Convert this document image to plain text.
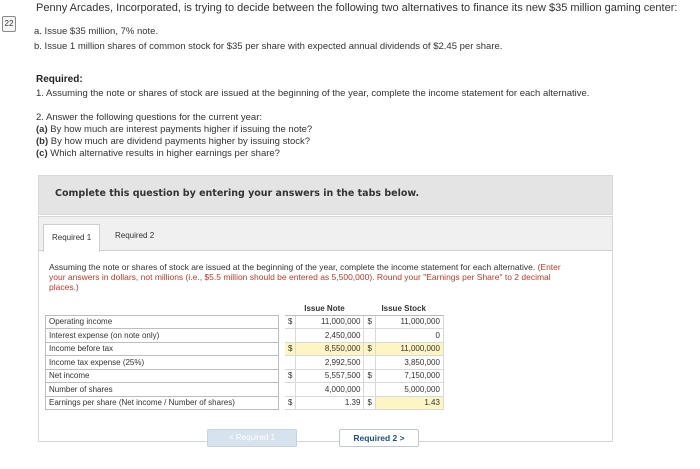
22
Penny Arcades, Incorporated, is trying to decide between the following two alternatives to finance its new $35 million gaming center:
a. Issue $35 million, 7% note.
b. Issue 1 million shares of common stock for $35 per share with expected annual dividends of $2.45 per share.
Required:
1. Assuming the note or shares of stock are issued at the beginning of the year, complete the income statement for each alternative.
2. Answer the following questions for the current year:
(a) By how much are interest payments higher if issuing the note?
(b) By how much are dividend payments higher by issuing stock?
(c) Which alternative results in higher earnings per share?
Complete this question by entering your answers in the tabs below.
Required 1	Required 2
Assuming the note or shares of stock are issued at the beginning of the year, complete the income statement for each alternative. (Enter your answers in dollars, not millions (i.e., $5.5 million should be entered as 5,500,000). Round your "Earnings per Share" to 2 decimal places.)
		Issue Note		Issue Stock	
Operating income		$	11,000,000	$	11,000,000
Interest expense (on note only)			2,450,000		0
Income before tax		$	8,550,000	$	11,000,000
Income tax expense (25%)			2,992,500		3,850,000
Net income		$	5,557,500	$	7,150,000
Number of shares			4,000,000		5,000,000
Earnings per share (Net income / Number of shares)		$	1.39	$	1.43
< Required 1	Required 2 >
